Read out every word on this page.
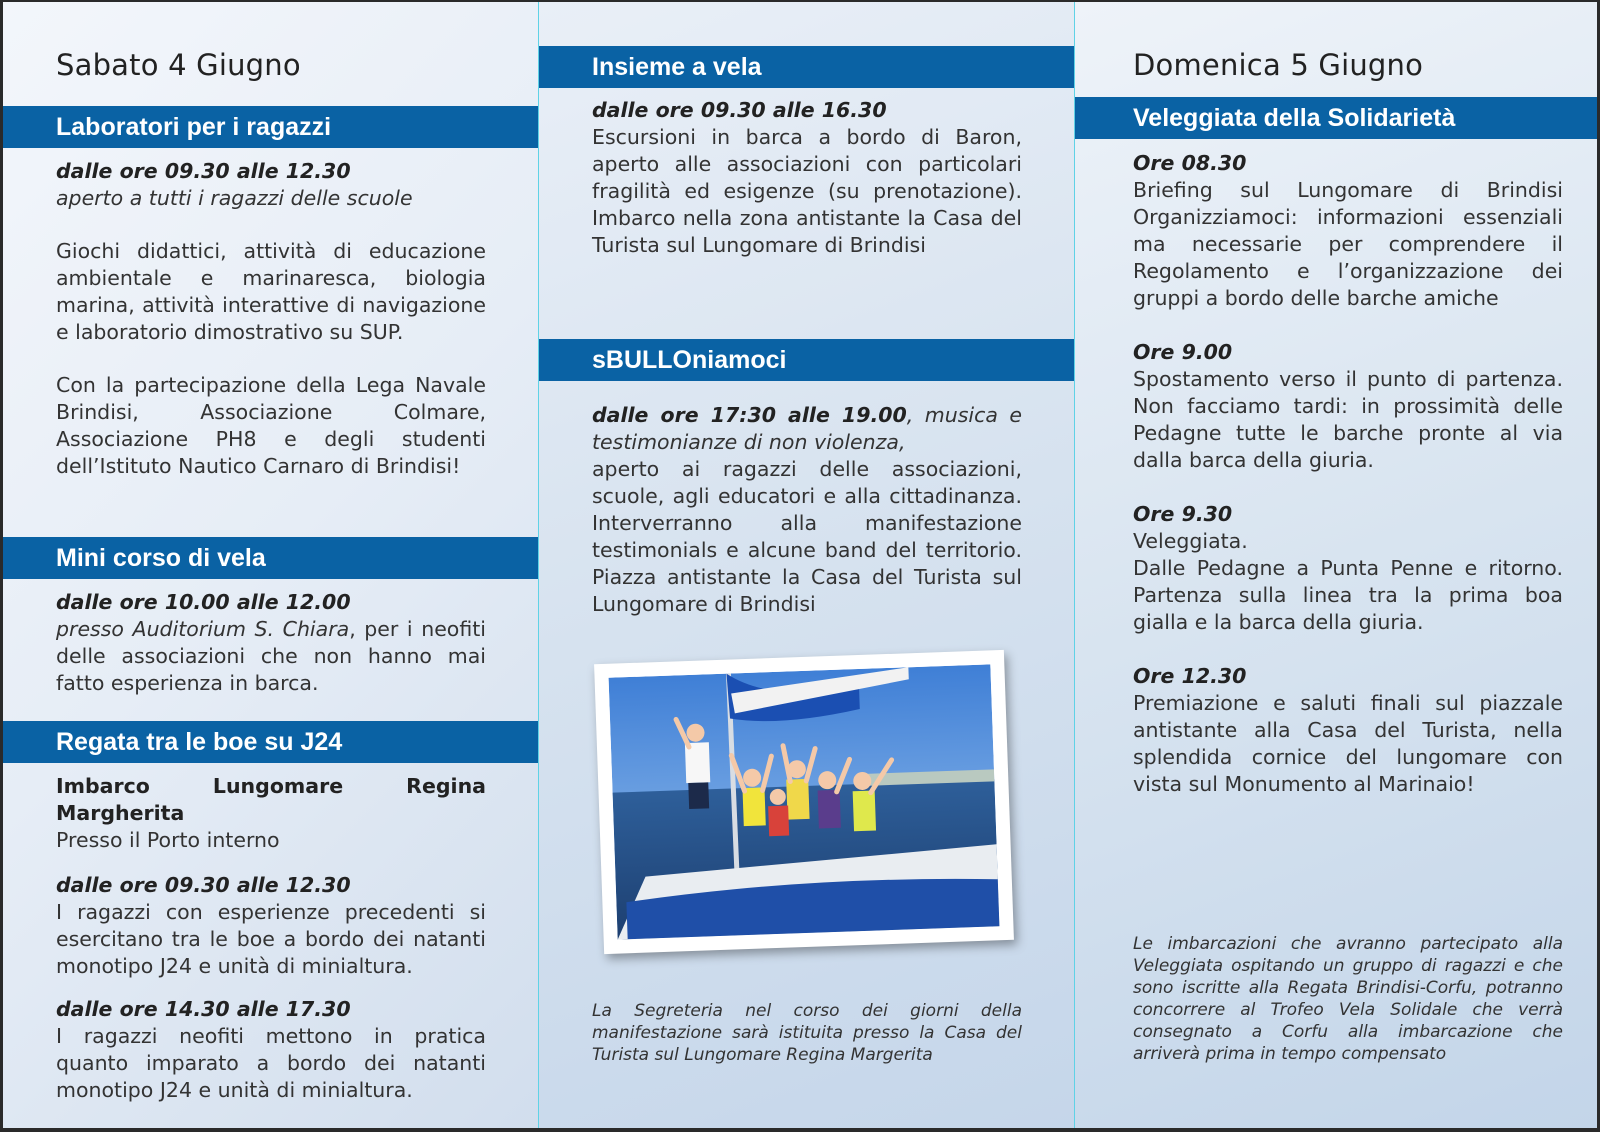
Sabato 4 Giugno
Laboratori per i ragazzi
dalle ore 09.30 alle 12.30
aperto a tutti i ragazzi delle scuole
Giochi didattici, attività di educazione ambientale e marinaresca, biologia marina, attività interattive di navigazione e laboratorio dimostrativo su SUP.
Con la partecipazione della Lega Navale Brindisi, Associazione Colmare, Associazione PH8 e degli studenti dell’Istituto Nautico Carnaro di Brindisi!
Mini corso di vela
dalle ore 10.00 alle 12.00
presso Auditorium S. Chiara, per i neofiti delle associazioni che non hanno mai fatto esperienza in barca.
Regata tra le boe su J24
Imbarco Lungomare Regina Margherita
Presso il Porto interno
dalle ore 09.30 alle 12.30
I ragazzi con esperienze precedenti si esercitano tra le boe a bordo dei natanti monotipo J24 e unità di minialtura.
dalle ore 14.30 alle 17.30
I ragazzi neofiti mettono in pratica quanto imparato a bordo dei natanti monotipo J24 e unità di minialtura.
Insieme a vela
dalle ore 09.30 alle 16.30
Escursioni in barca a bordo di Baron, aperto alle associazioni con particolari fragilità ed esigenze (su prenotazione). Imbarco nella zona antistante la Casa del Turista sul Lungomare di Brindisi
sBULLOniamoci
dalle ore 17:30 alle 19.00, musica e testimonianze di non violenza,
aperto ai ragazzi delle associazioni, scuole, agli educatori e alla cittadinanza. Interverranno alla manifestazione testimonials e alcune band del territorio. Piazza antistante la Casa del Turista sul Lungomare di Brindisi
La Segreteria nel corso dei giorni della manifestazione sarà istituita presso la Casa del Turista sul Lungomare Regina Margerita
Domenica 5 Giugno
Veleggiata della Solidarietà
Ore 08.30
Briefing sul Lungomare di Brindisi Organizziamoci: informazioni essenziali ma necessarie per comprendere il Regolamento e l’organizzazione dei gruppi a bordo delle barche amiche
Ore 9.00
Spostamento verso il punto di partenza. Non facciamo tardi: in prossimità delle Pedagne tutte le barche pronte al via dalla barca della giuria.
Ore 9.30
Veleggiata.
Dalle Pedagne a Punta Penne e ritorno. Partenza sulla linea tra la prima boa gialla e la barca della giuria.
Ore 12.30
Premiazione e saluti finali sul piazzale antistante alla Casa del Turista, nella splendida cornice del lungomare con vista sul Monumento al Marinaio!
Le imbarcazioni che avranno partecipato alla Veleggiata ospitando un gruppo di ragazzi e che sono iscritte alla Regata Brindisi-Corfu, potranno concorrere al Trofeo Vela Solidale che verrà consegnato a Corfu alla imbarcazione che arriverà prima in tempo compensato
